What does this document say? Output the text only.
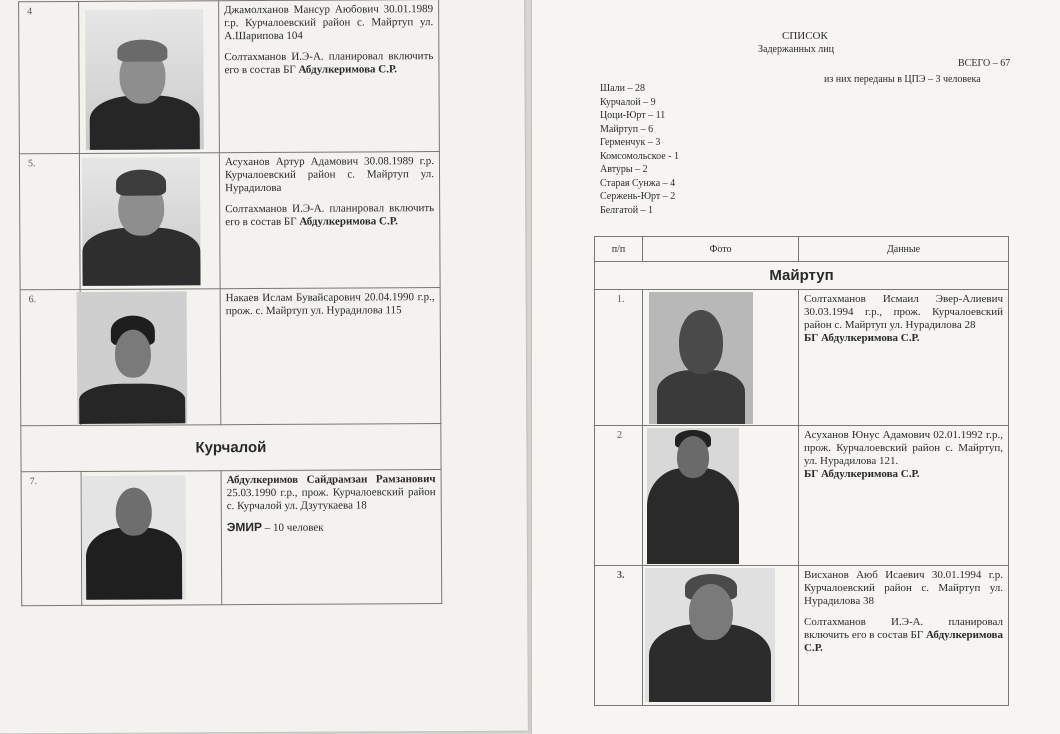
4		Джамолханов Мансур Аюбович 30.01.1989 г.р. Курчалоевский район с. Майртуп ул. А.Шарипова 104

Солтахманов И.Э-А. планировал включить его в состав БГ Абдулкеримова С.Р.

5.		Асуханов Артур Адамович 30.08.1989 г.р. Курчалоевский район с. Майртуп ул. Нурадилова

Солтахманов И.Э-А. планировал включить его в состав БГ Абдулкеримова С.Р.

6.		Накаев Ислам Бувайсарович 20.04.1990 г.р., прож. с. Майртуп ул. Нурадилова 115

Курчалой		
7.		Абдулкеримов Сайдрамзан Рамзанович 25.03.1990 г.р., прож. Курчалоевский район с. Курчалой ул. Дзутукаева 18

ЭМИР – 10 человек

СПИСОК
Задержанных лиц
ВСЕГО – 67
из них переданы в ЦПЭ – 3 человека
Шали – 28
Курчалой – 9
Цоци-Юрт – 11
Майртуп – 6
Герменчук – 3
Комсомольское - 1
Автуры – 2
Старая Сунжа – 4
Сержень-Юрт – 2
Белгатой – 1
п/п	Фото	Данные
Майртуп		
1.		Солтахманов Исмаил Эвер-Алиевич 30.03.1994 г.р., прож. Курчалоевский район с. Майртуп ул. Нурадилова 28
БГ Абдулкеримова С.Р.

2		Асуханов Юнус Адамович 02.01.1992 г.р., прож. Курчалоевский район с. Майртуп, ул. Нурадилова 121.
БГ Абдулкеримова С.Р.

3.		Висханов Аюб Исаевич 30.01.1994 г.р. Курчалоевский район с. Майртуп ул. Нурадилова 38

Солтахманов И.Э-А. планировал включить его в состав БГ Абдулкеримова С.Р.
